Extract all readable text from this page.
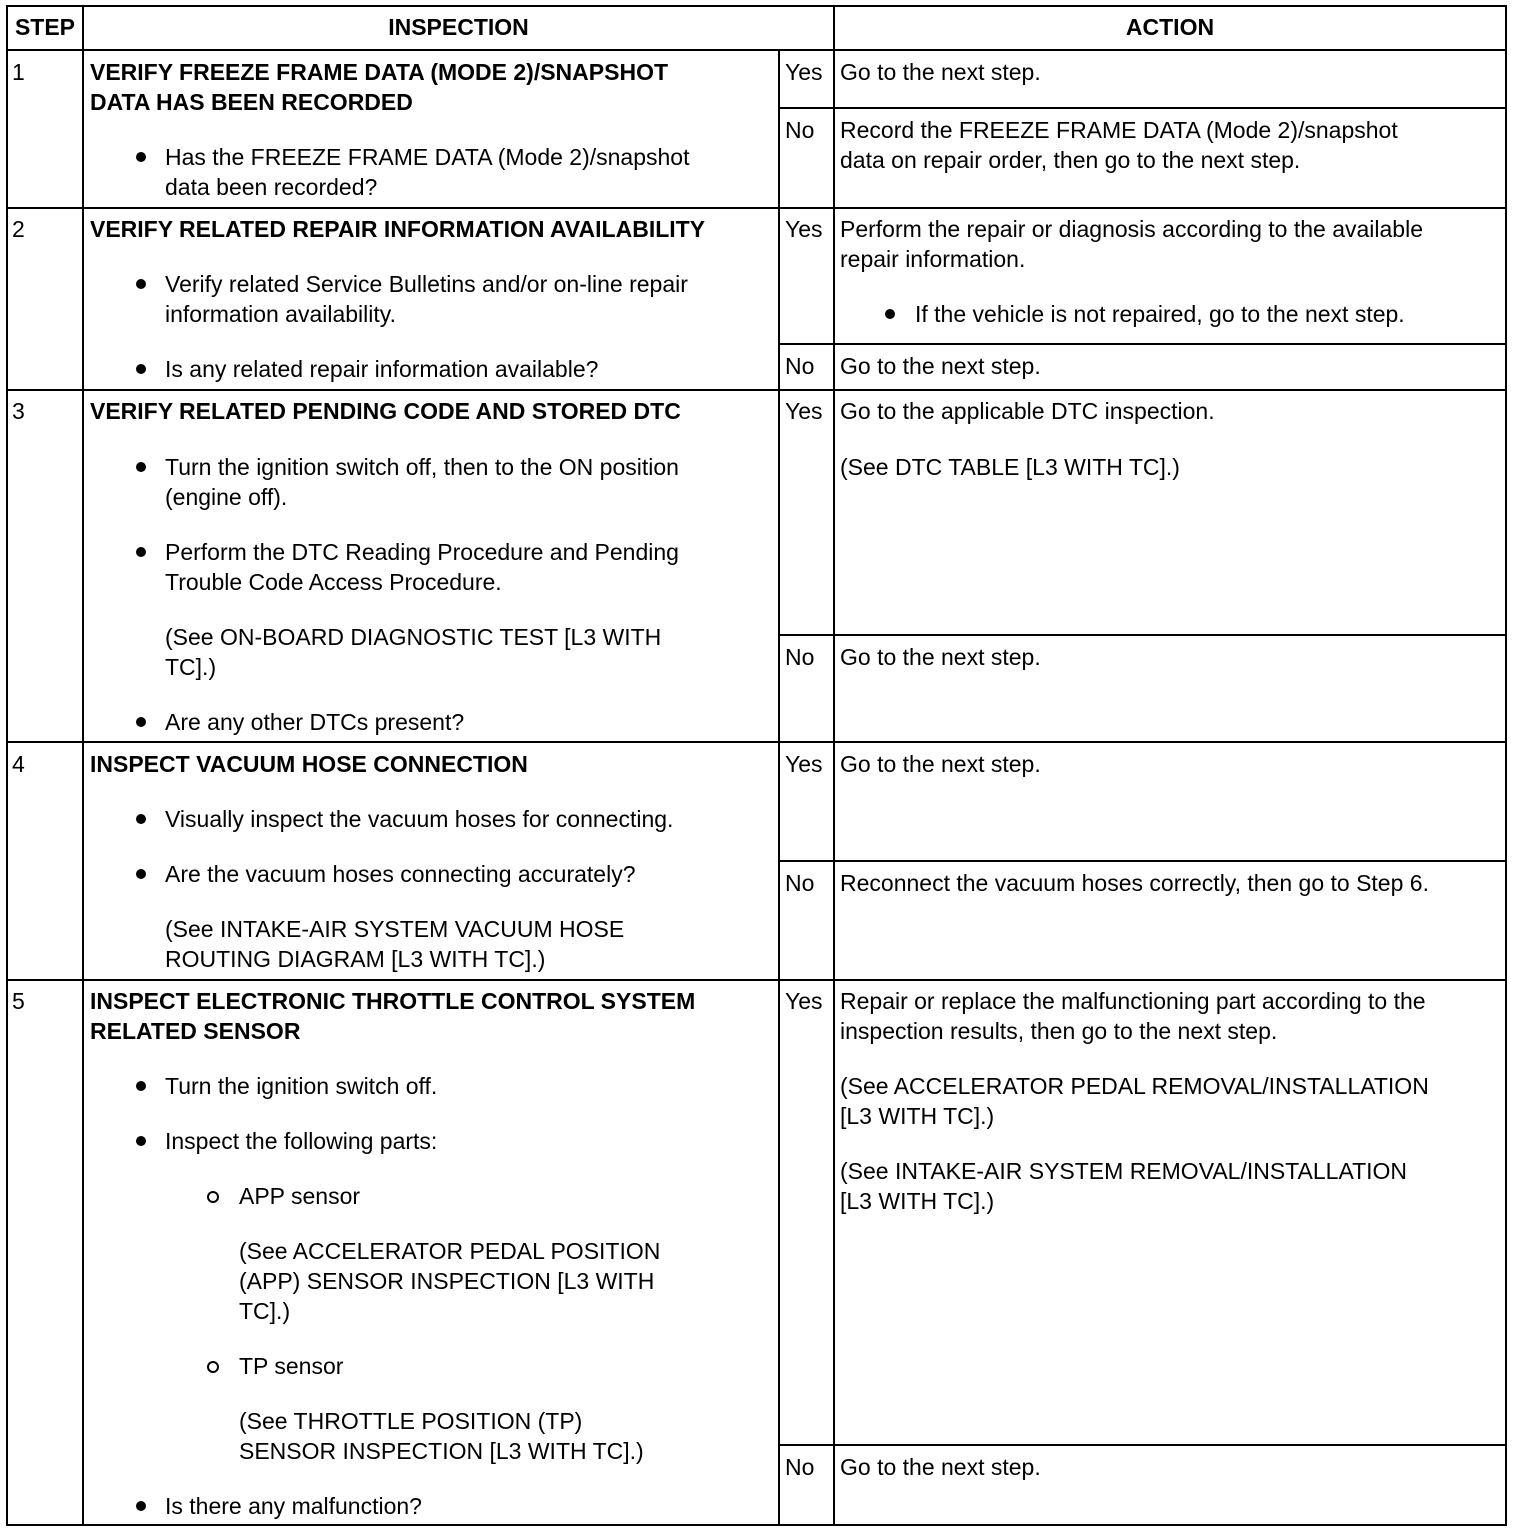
STEP	INSPECTION	ACTION
1	VERIFY FREEZE FRAME DATA (MODE 2)/SNAPSHOT
DATA HAS BEEN RECORDED
Has the FREEZE FRAME DATA (Mode 2)/snapshot
data been recorded?
Yes Go to the next step.
No Record the FREEZE FRAME DATA (Mode 2)/snapshot
data on repair order, then go to the next step.
2	VERIFY RELATED REPAIR INFORMATION AVAILABILITY
Verify related Service Bulletins and/or on-line repair
information availability.
Is any related repair information available?
Yes Perform the repair or diagnosis according to the available
repair information.
If the vehicle is not repaired, go to the next step.
No Go to the next step.
3	VERIFY RELATED PENDING CODE AND STORED DTC
Turn the ignition switch off, then to the ON position
(engine off).
Perform the DTC Reading Procedure and Pending
Trouble Code Access Procedure.
(See ON-BOARD DIAGNOSTIC TEST [L3 WITH
TC].)
Are any other DTCs present?
Yes Go to the applicable DTC inspection.
(See DTC TABLE [L3 WITH TC].)
No Go to the next step.
4	INSPECT VACUUM HOSE CONNECTION
Visually inspect the vacuum hoses for connecting.
Are the vacuum hoses connecting accurately?
(See INTAKE-AIR SYSTEM VACUUM HOSE
ROUTING DIAGRAM [L3 WITH TC].)
Yes Go to the next step.
No Reconnect the vacuum hoses correctly, then go to Step 6.
5	INSPECT ELECTRONIC THROTTLE CONTROL SYSTEM
RELATED SENSOR
Turn the ignition switch off.
Inspect the following parts:
APP sensor
(See ACCELERATOR PEDAL POSITION
(APP) SENSOR INSPECTION [L3 WITH
TC].)
TP sensor
(See THROTTLE POSITION (TP)
SENSOR INSPECTION [L3 WITH TC].)
Is there any malfunction?
Yes Repair or replace the malfunctioning part according to the
inspection results, then go to the next step.
(See ACCELERATOR PEDAL REMOVAL/INSTALLATION
[L3 WITH TC].)
(See INTAKE-AIR SYSTEM REMOVAL/INSTALLATION
[L3 WITH TC].)
No Go to the next step.
